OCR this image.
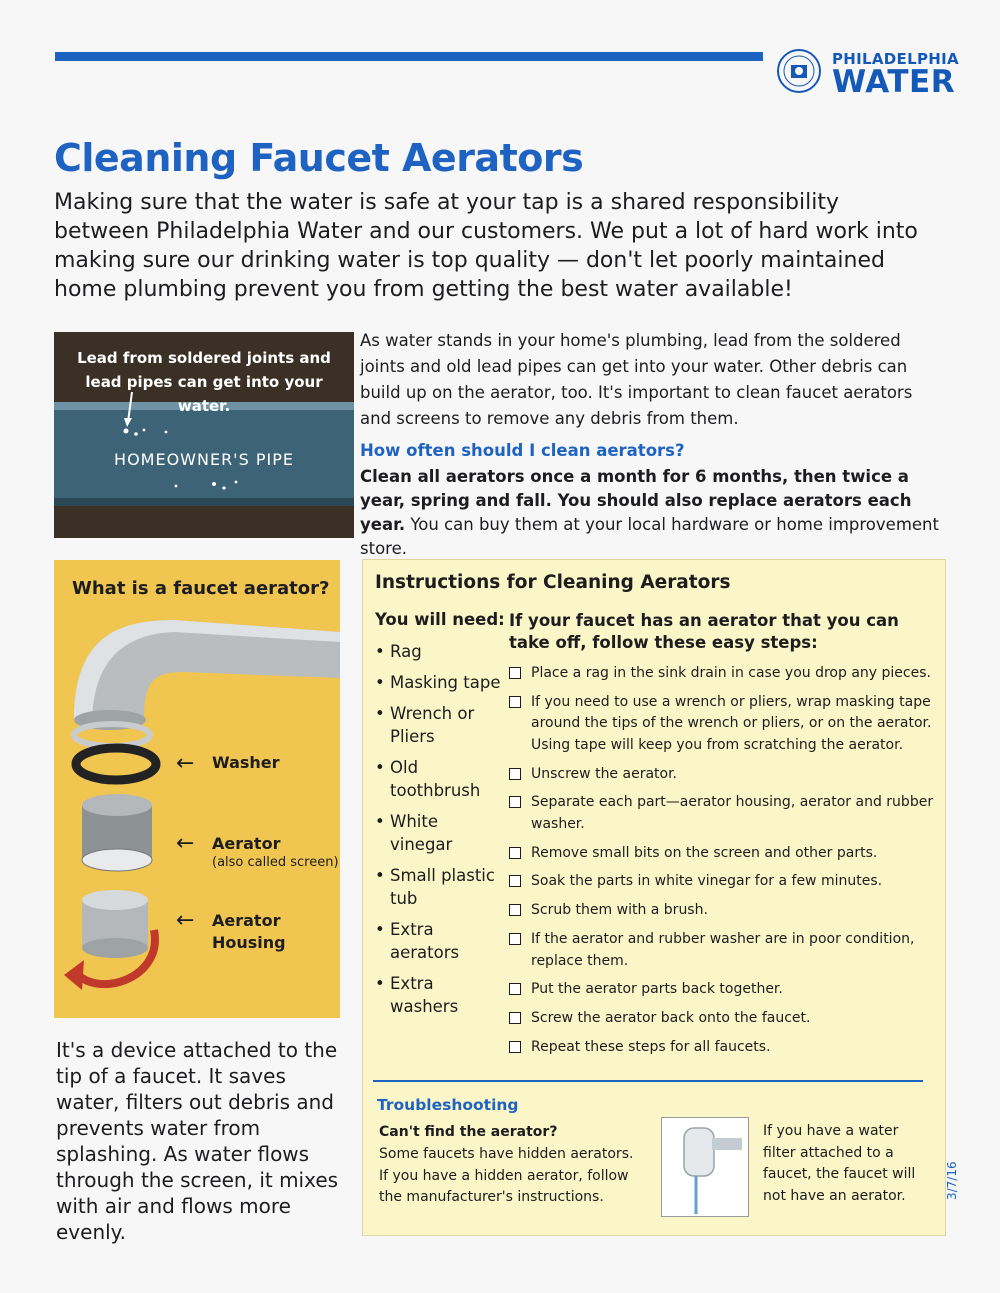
PHILADELPHIA
WATER
Cleaning Faucet Aerators
Making sure that the water is safe at your tap is a shared responsibility between Philadelphia Water and our customers. We put a lot of hard work into making sure our drinking water is top quality — don't let poorly maintained home plumbing prevent you from getting the best water available!
Lead from soldered joints and lead pipes can get into your water.
HOMEOWNER'S PIPE
As water stands in your home's plumbing, lead from the soldered joints and old lead pipes can get into your water. Other debris can build up on the aerator, too. It's important to clean faucet aerators and screens to remove any debris from them.
How often should I clean aerators?
Clean all aerators once a month for 6 months, then twice a year, spring and fall. You should also replace aerators each year. You can buy them at your local hardware or home improvement store.
What is a faucet aerator?
←
←
←
Washer
Aerator
(also called screen)
Aerator
Housing
It's a device attached to the tip of a faucet. It saves water, filters out debris and prevents water from splashing. As water flows through the screen, it mixes with air and flows more evenly.
Instructions for Cleaning Aerators
You will need:
• Rag
• Masking tape
• Wrench or Pliers
• Old toothbrush
• White vinegar
• Small plastic tub
• Extra aerators
• Extra washers
If your faucet has an aerator that you can take off, follow these easy steps:
Place a rag in the sink drain in case you drop any pieces.
If you need to use a wrench or pliers, wrap masking tape around the tips of the wrench or pliers, or on the aerator. Using tape will keep you from scratching the aerator.
Unscrew the aerator.
Separate each part—aerator housing, aerator and rubber washer.
Remove small bits on the screen and other parts.
Soak the parts in white vinegar for a few minutes.
Scrub them with a brush.
If the aerator and rubber washer are in poor condition, replace them.
Put the aerator parts back together.
Screw the aerator back onto the faucet.
Repeat these steps for all faucets.
Troubleshooting
Can't find the aerator?
Some faucets have hidden aerators. If you have a hidden aerator, follow the manufacturer's instructions.
If you have a water filter attached to a faucet, the faucet will not have an aerator.	3/7/16
